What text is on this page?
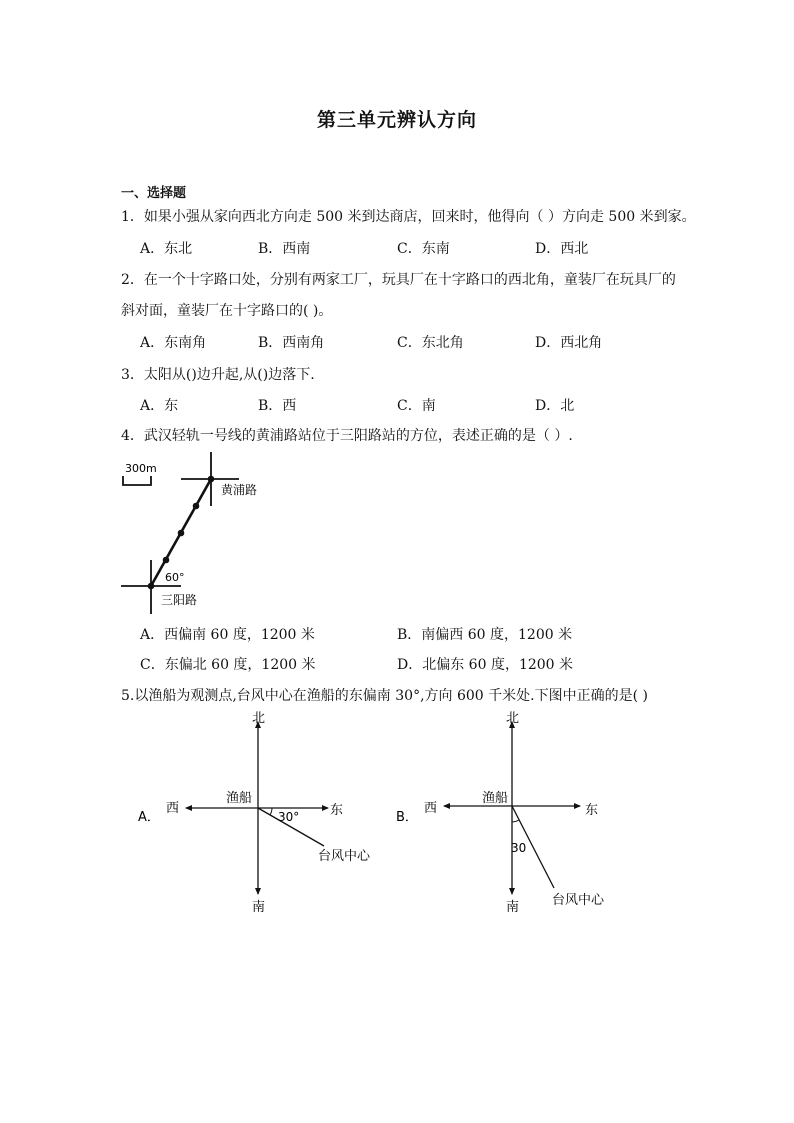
第三单元辨认方向
一、选择题
1．如果小强从家向西北方向走 500 米到达商店，回来时，他得向（ ）方向走 500 米到家。
A．东北	B．西南	C．东南	D．西北
2．在一个十字路口处，分别有两家工厂，玩具厂在十字路口的西北角，童装厂在玩具厂的
斜对面，童装厂在十字路口的( )。
A．东南角	B．西南角	C．东北角	D．西北角
3．太阳从()边升起,从()边落下.
A．东	B．西	C．南	D．北
4．武汉轻轨一号线的黄浦路站位于三阳路站的方位，表述正确的是（ ）.
300m
黄浦路
60°
三阳路
A．西偏南 60 度，1200 米	B．南偏西 60 度，1200 米
C．东偏北 60 度，1200 米	D．北偏东 60 度，1200 米
5.以渔船为观测点,台风中心在渔船的东偏南 30°,方向 600 千米处.下图中正确的是( )
A．
北
南
西	东
渔船
30°
台风中心
B．
北
南
西	东
渔船
30
台风中心
